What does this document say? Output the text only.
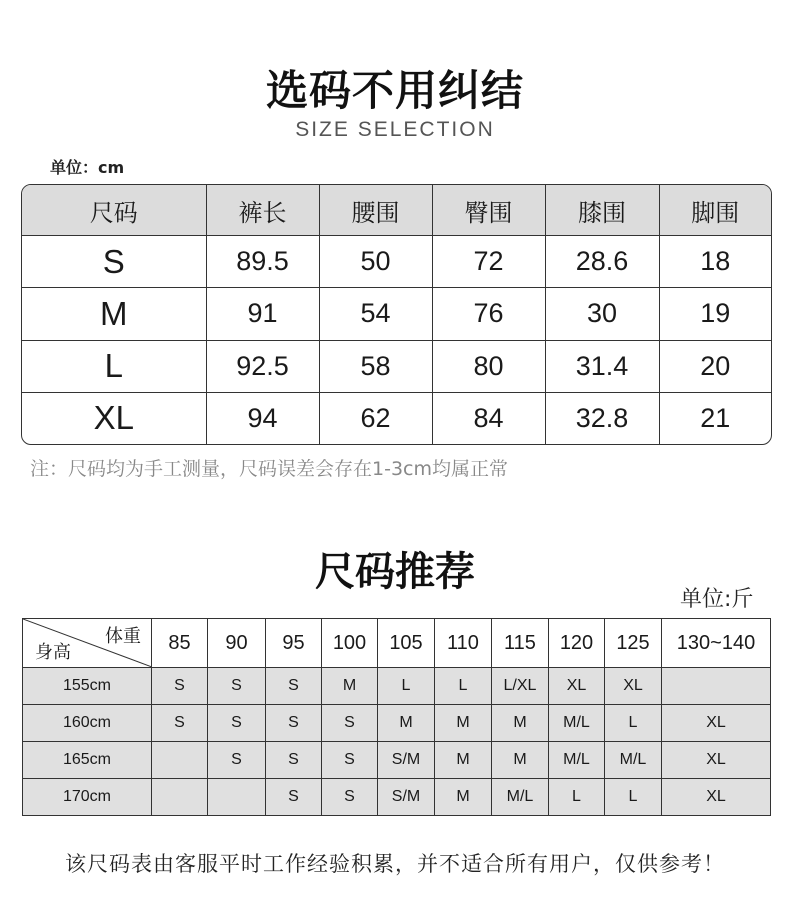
选码不用纠结
SIZE SELECTION
单位：cm
尺码	裤长	腰围	臀围	膝围	脚围
S	89.5	50	72	28.6	18
M	91	54	76	30	19
L	92.5	58	80	31.4	20
XL	94	62	84	32.8	21
注：尺码均为手工测量，尺码误差会存在1-3cm均属正常
尺码推荐
单位:斤
体重
身高	85	90	95	100	105	110	115	120	125	130~140
155cm	S	S	S	M	L	L	L/XL	XL	XL	
160cm	S	S	S	S	M	M	M	M/L	L	XL
165cm		S	S	S	S/M	M	M	M/L	M/L	XL
170cm			S	S	S/M	M	M/L	L	L	XL
该尺码表由客服平时工作经验积累，并不适合所有用户，仅供参考！
